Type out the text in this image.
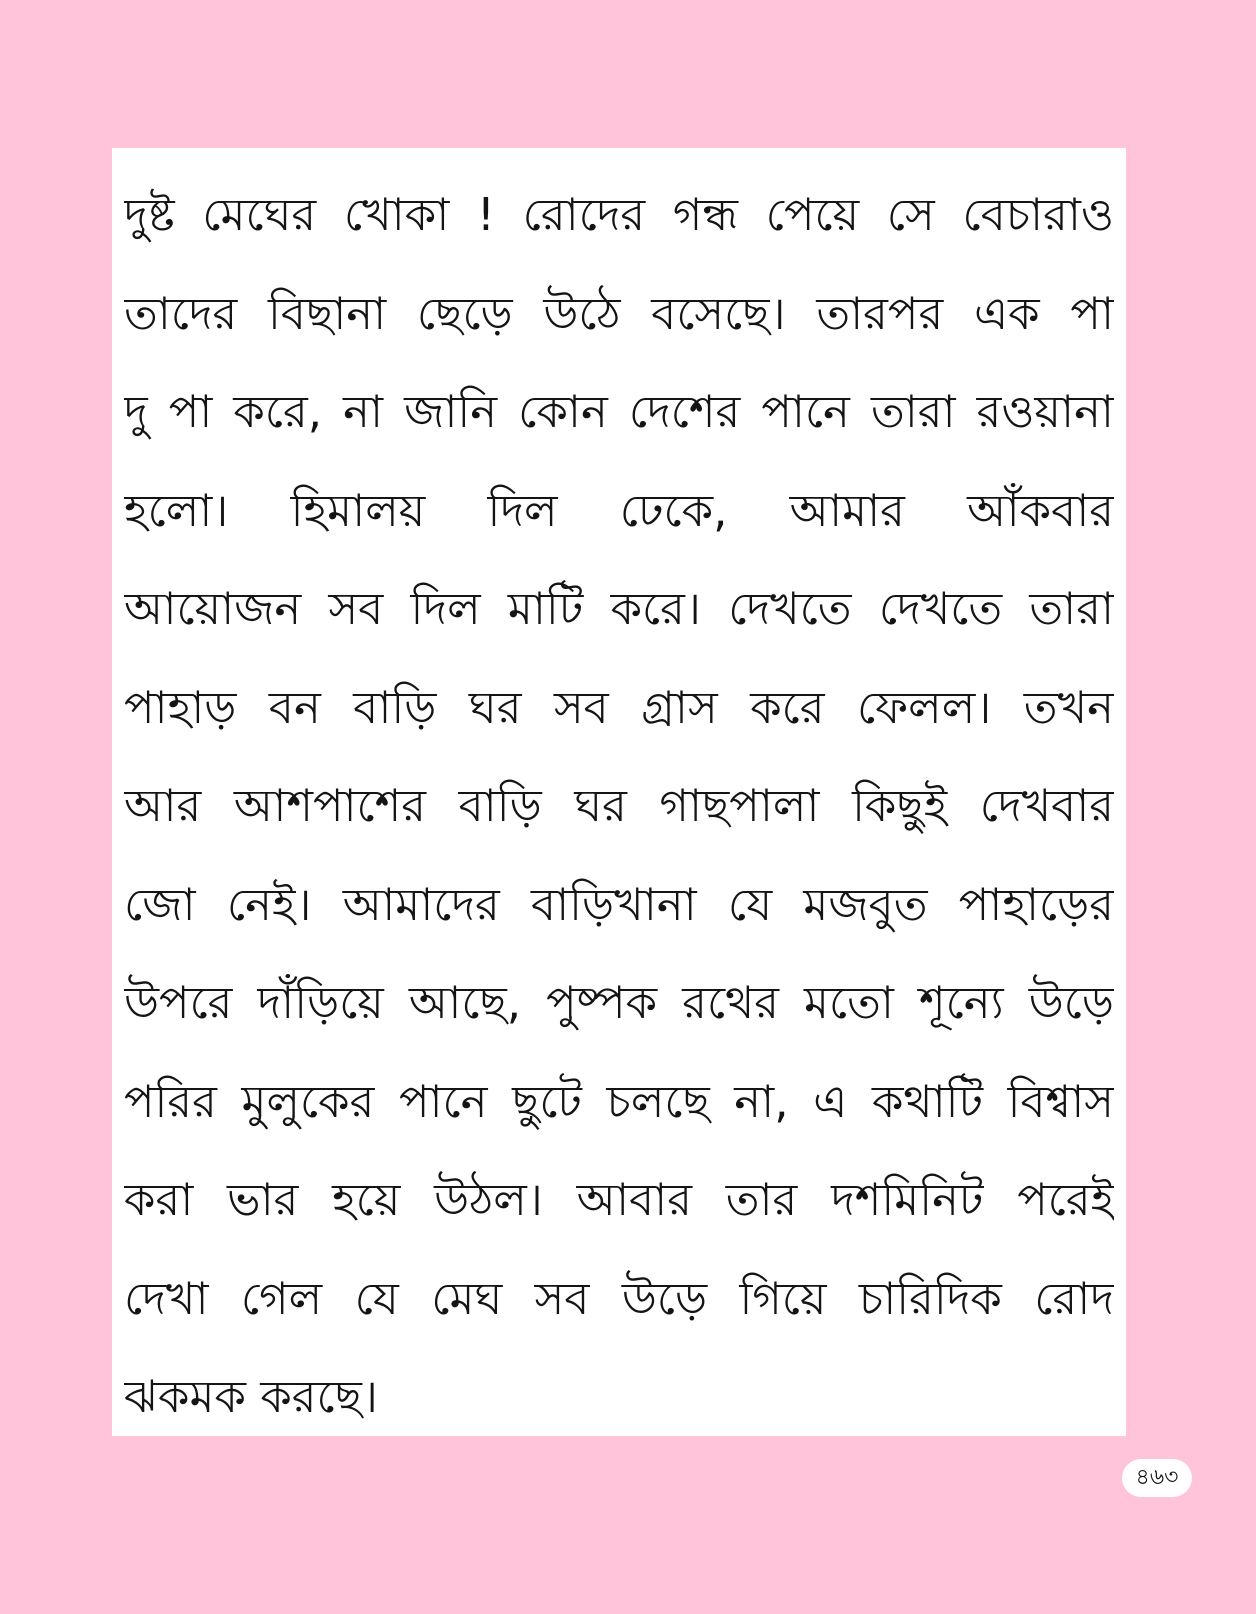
দুষ্ট মেঘের খোকা ! রোদের গন্ধ পেয়ে সে বেচারাও
তাদের বিছানা ছেড়ে উঠে বসেছে। তারপর এক পা
দু পা করে, না জানি কোন দেশের পানে তারা রওয়ানা
হলো। হিমালয় দিল ঢেকে, আমার আঁকবার
আয়োজন সব দিল মাটি করে। দেখতে দেখতে তারা
পাহাড় বন বাড়ি ঘর সব গ্রাস করে ফেলল। তখন
আর আশপাশের বাড়ি ঘর গাছপালা কিছুই দেখবার
জো নেই। আমাদের বাড়িখানা যে মজবুত পাহাড়ের
উপরে দাঁড়িয়ে আছে, পুষ্পক রথের মতো শূন্যে উড়ে
পরির মুলুকের পানে ছুটে চলছে না, এ কথাটি বিশ্বাস
করা ভার হয়ে উঠল। আবার তার দশমিনিট পরেই
দেখা গেল যে মেঘ সব উড়ে গিয়ে চারিদিক রোদ
ঝকমক করছে।
৪৬৩
